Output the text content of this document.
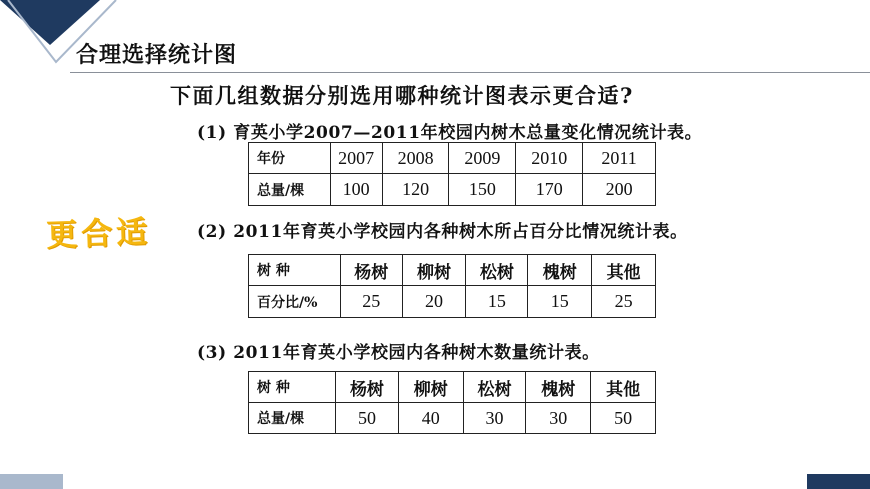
合理选择统计图
下面几组数据分别选用哪种统计图表示更合适?
更合适
(1) 育英小学2007—2011年校园内树木总量变化情况统计表。
年份	2007	2008	2009	2010	2011
总量/棵	100	120	150	170	200
(2) 2011年育英小学校园内各种树木所占百分比情况统计表。
树 种	杨树	柳树	松树	槐树	其他
百分比/%	25	20	15	15	25
(3) 2011年育英小学校园内各种树木数量统计表。
树 种	杨树	柳树	松树	槐树	其他
总量/棵	50	40	30	30	50
